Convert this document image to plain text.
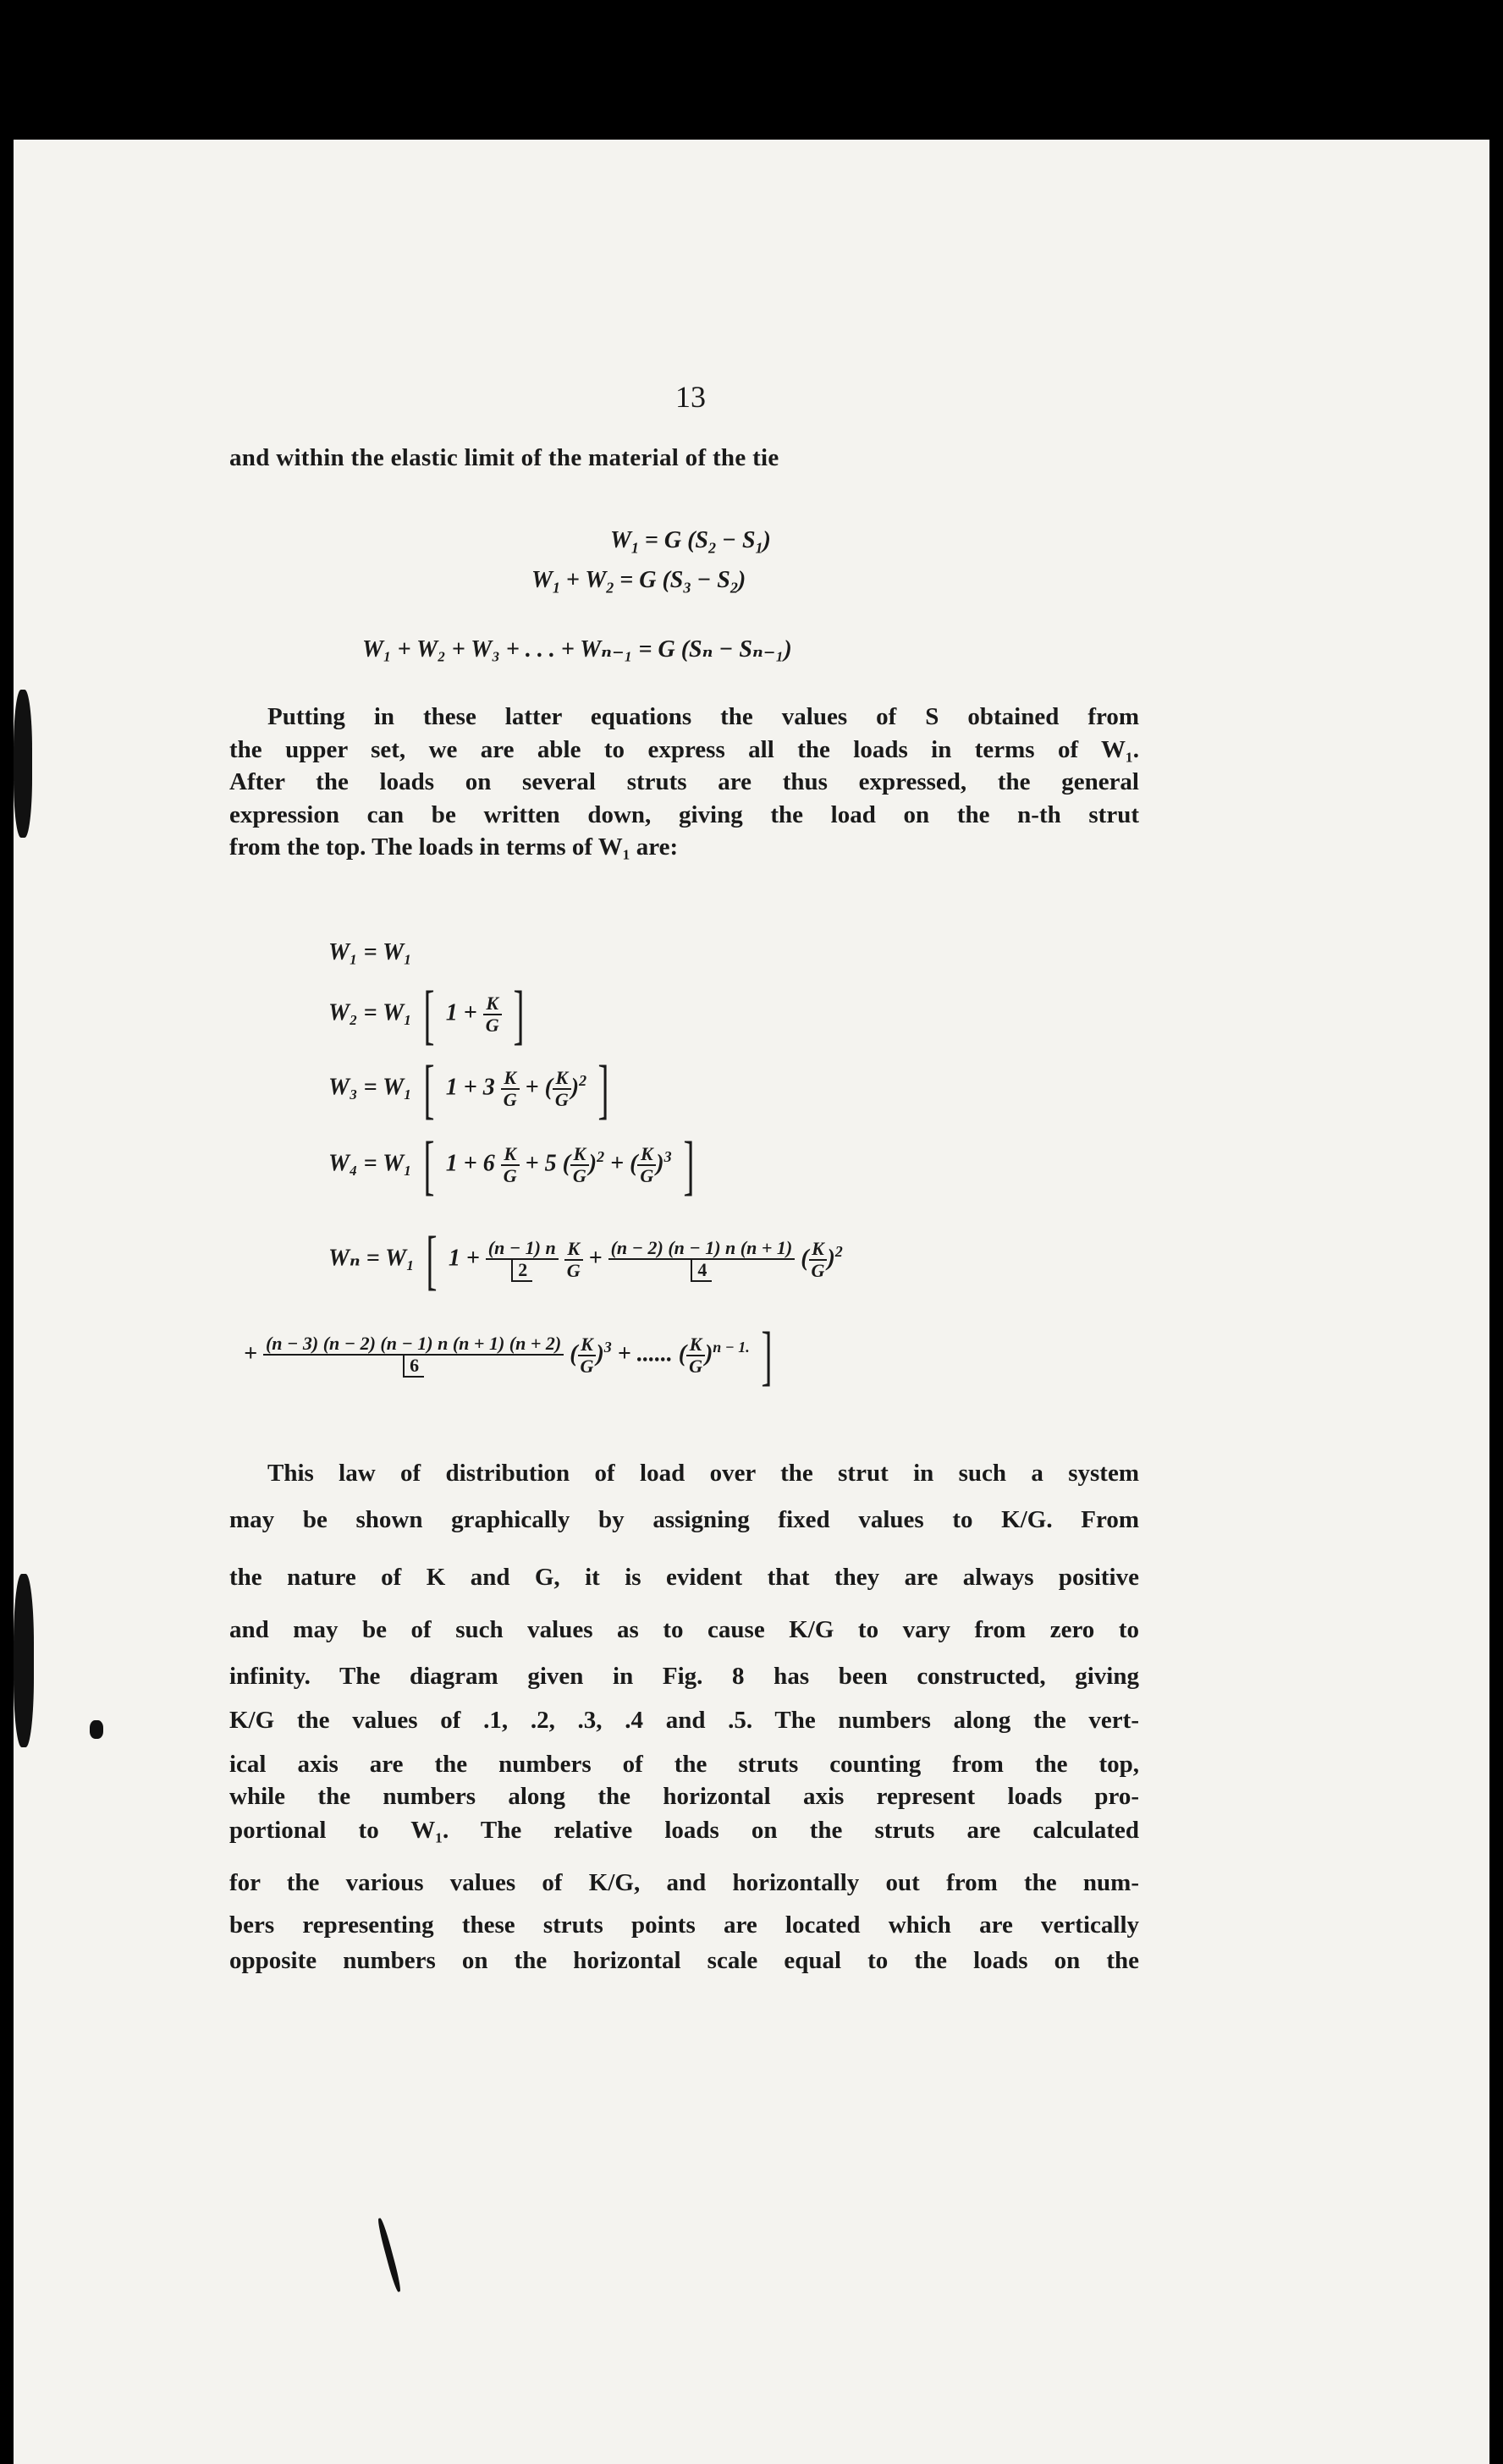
13
and within the elastic limit of the material of the tie
$W_1 = G$ $(S_2 - S_1)$
$W_1 + W_2 = G$ $(S_3 - S_2)$
W₁ + W₂ + W₃ + . . . + Wₙ₋₁ = G (Sₙ − Sₙ₋₁)
Putting in these latter equations the values of S obtained from
the upper set, we are able to express all the loads in terms of W₁.
After the loads on several struts are thus expressed, the general
expression can be written down, giving the load on the n-th strut
from the top. The loads in terms of W₁ are:
W₁ = W₁
W₂ = W₁ [ $1 + \frac{K}{G}$ ]
W₃ = W₁ [ $1 + 3 \frac{K}{G}$ + ( $\frac{K}{G} )^2$ ]
W₄ = W₁ [ $1 + 6 \frac{K}{G} + 5$ ( $\frac{K}{G} )^2$ + ( $\frac{K}{G} )^3$ ]
Wₙ = W₁ [ $1 + \frac{(n - 1) n}{2}$
$\frac{K}{G} + \frac{(n - 2) (n - 1) n (n + 1)}{4}$ ( $\frac{K}{G} )^2$
+ $\frac{(n - 3) (n - 2) (n - 1) n (n + 1) (n + 2)}{6}$ ( $\frac{K}{G} )^3$ + ...... ( $\frac{K}{G} )^{n - 1.}$ ]
This law of distribution of load over the strut in such a system
may be shown graphically by assigning fixed values to K/G. From
the nature of K and G, it is evident that they are always positive
and may be of such values as to cause K/G to vary from zero to
infinity. The diagram given in Fig. 8 has been constructed, giving
K/G the values of .1, .2, .3, .4 and .5. The numbers along the vert-
ical axis are the numbers of the struts counting from the top,
while the numbers along the horizontal axis represent loads pro-
portional to W₁. The relative loads on the struts are calculated
for the various values of K/G, and horizontally out from the num-
bers representing these struts points are located which are vertically
opposite numbers on the horizontal scale equal to the loads on the
